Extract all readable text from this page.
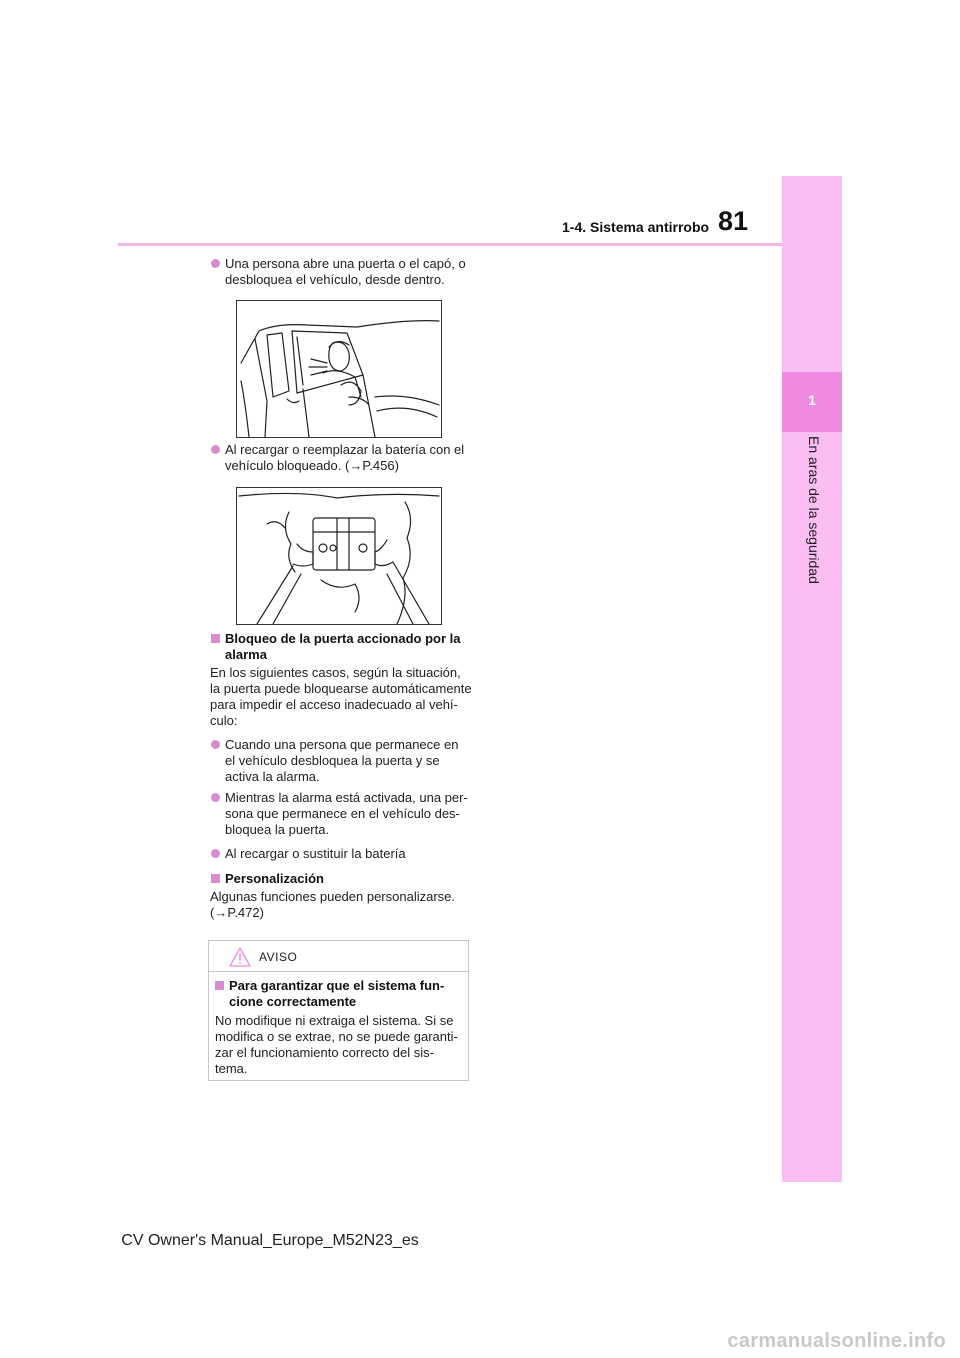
1-4. Sistema antirrobo 81
1
En aras de la seguridad
Una persona abre una puerta o el capó, o desbloquea el vehículo, desde dentro.
Al recargar o reemplazar la batería con el vehículo bloqueado. (→P.456)
Bloqueo de la puerta accionado por la alarma
En los siguientes casos, según la situación, la puerta puede bloquearse automáticamente para impedir el acceso inadecuado al vehí-culo:
Cuando una persona que permanece en el vehículo desbloquea la puerta y se activa la alarma.
Mientras la alarma está activada, una per-sona que permanece en el vehículo des-bloquea la puerta.
Al recargar o sustituir la batería
Personalización
Algunas funciones pueden personalizarse. (→P.472)
AVISO
Para garantizar que el sistema fun-cione correctamente
No modifique ni extraiga el sistema. Si se modifica o se extrae, no se puede garanti-zar el funcionamiento correcto del sis-tema.
CV Owner's Manual_Europe_M52N23_es
carmanualsonline.info
